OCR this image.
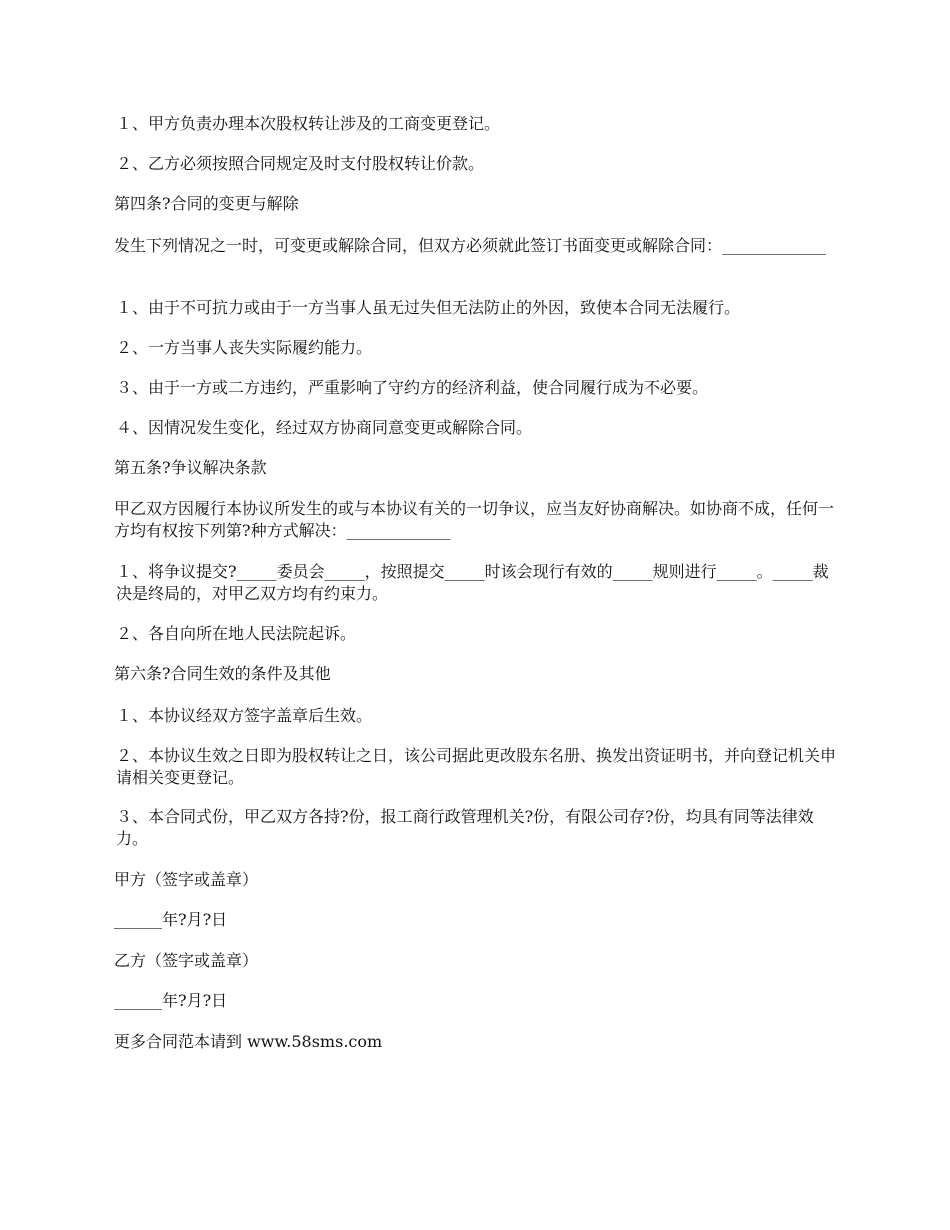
１、甲方负责办理本次股权转让涉及的工商变更登记。
２、乙方必须按照合同规定及时支付股权转让价款。
第四条?合同的变更与解除
发生下列情况之一时，可变更或解除合同，但双方必须就此签订书面变更或解除合同：_____________
１、由于不可抗力或由于一方当事人虽无过失但无法防止的外因，致使本合同无法履行。
２、一方当事人丧失实际履约能力。
３、由于一方或二方违约，严重影响了守约方的经济利益，使合同履行成为不必要。
４、因情况发生变化，经过双方协商同意变更或解除合同。
第五条?争议解决条款
甲乙双方因履行本协议所发生的或与本协议有关的一切争议，应当友好协商解决。如协商不成，任何一方均有权按下列第?种方式解决：_____________
１、将争议提交?_____委员会_____，按照提交_____时该会现行有效的_____规则进行_____。_____裁决是终局的，对甲乙双方均有约束力。
２、各自向所在地人民法院起诉。
第六条?合同生效的条件及其他
１、本协议经双方签字盖章后生效。
２、本协议生效之日即为股权转让之日，该公司据此更改股东名册、换发出资证明书，并向登记机关申请相关变更登记。
３、本合同式份，甲乙双方各持?份，报工商行政管理机关?份，有限公司存?份，均具有同等法律效力。
甲方（签字或盖章）
______年?月?日
乙方（签字或盖章）
______年?月?日
更多合同范本请到 www.58sms.com
